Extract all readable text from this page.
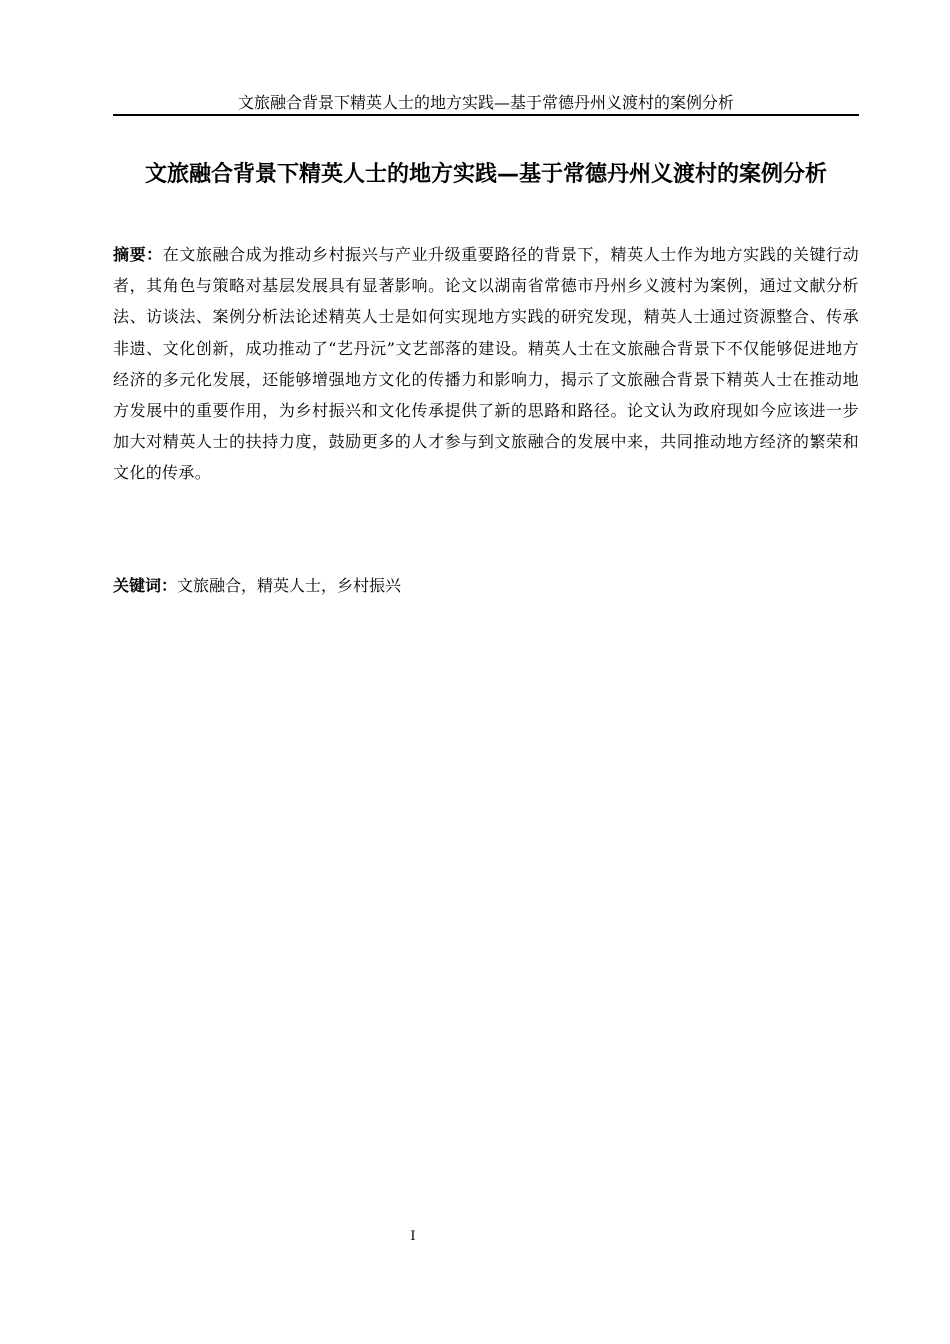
文旅融合背景下精英人士的地方实践—基于常德丹州义渡村的案例分析
文旅融合背景下精英人士的地方实践—基于常德丹州义渡村的案例分析

摘要：在文旅融合成为推动乡村振兴与产业升级重要路径的背景下，精英人士作为地方实践的关键行动者，其角色与策略对基层发展具有显著影响。论文以湖南省常德市丹州乡义渡村为案例，通过文献分析法、访谈法、案例分析法论述精英人士是如何实现地方实践的研究发现，精英人士通过资源整合、传承非遗、文化创新，成功推动了“艺丹沅”文艺部落的建设。精英人士在文旅融合背景下不仅能够促进地方经济的多元化发展，还能够增强地方文化的传播力和影响力，揭示了文旅融合背景下精英人士在推动地方发展中的重要作用，为乡村振兴和文化传承提供了新的思路和路径。论文认为政府现如今应该进一步加大对精英人士的扶持力度，鼓励更多的人才参与到文旅融合的发展中来，共同推动地方经济的繁荣和文化的传承。

关键词：文旅融合，精英人士，乡村振兴

I
